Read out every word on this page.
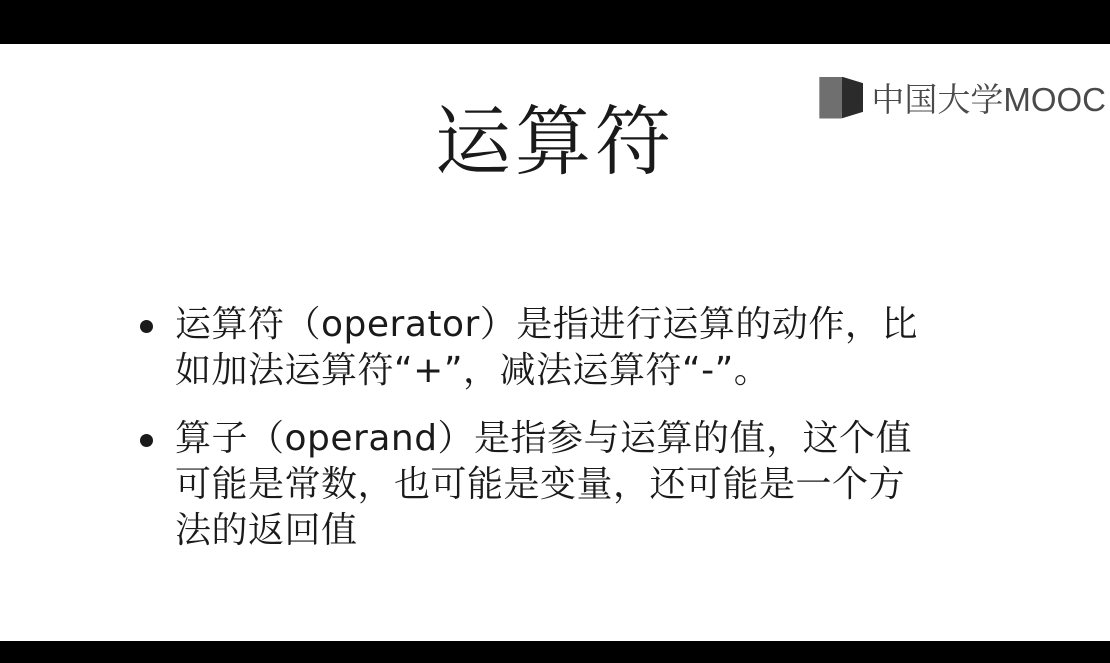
中国大学MOOC
运算符
运算符（operator）是指进行运算的动作，比如加法运算符“+”，减法运算符“-”。
算子（operand）是指参与运算的值，这个值可能是常数，也可能是变量，还可能是一个方法的返回值
